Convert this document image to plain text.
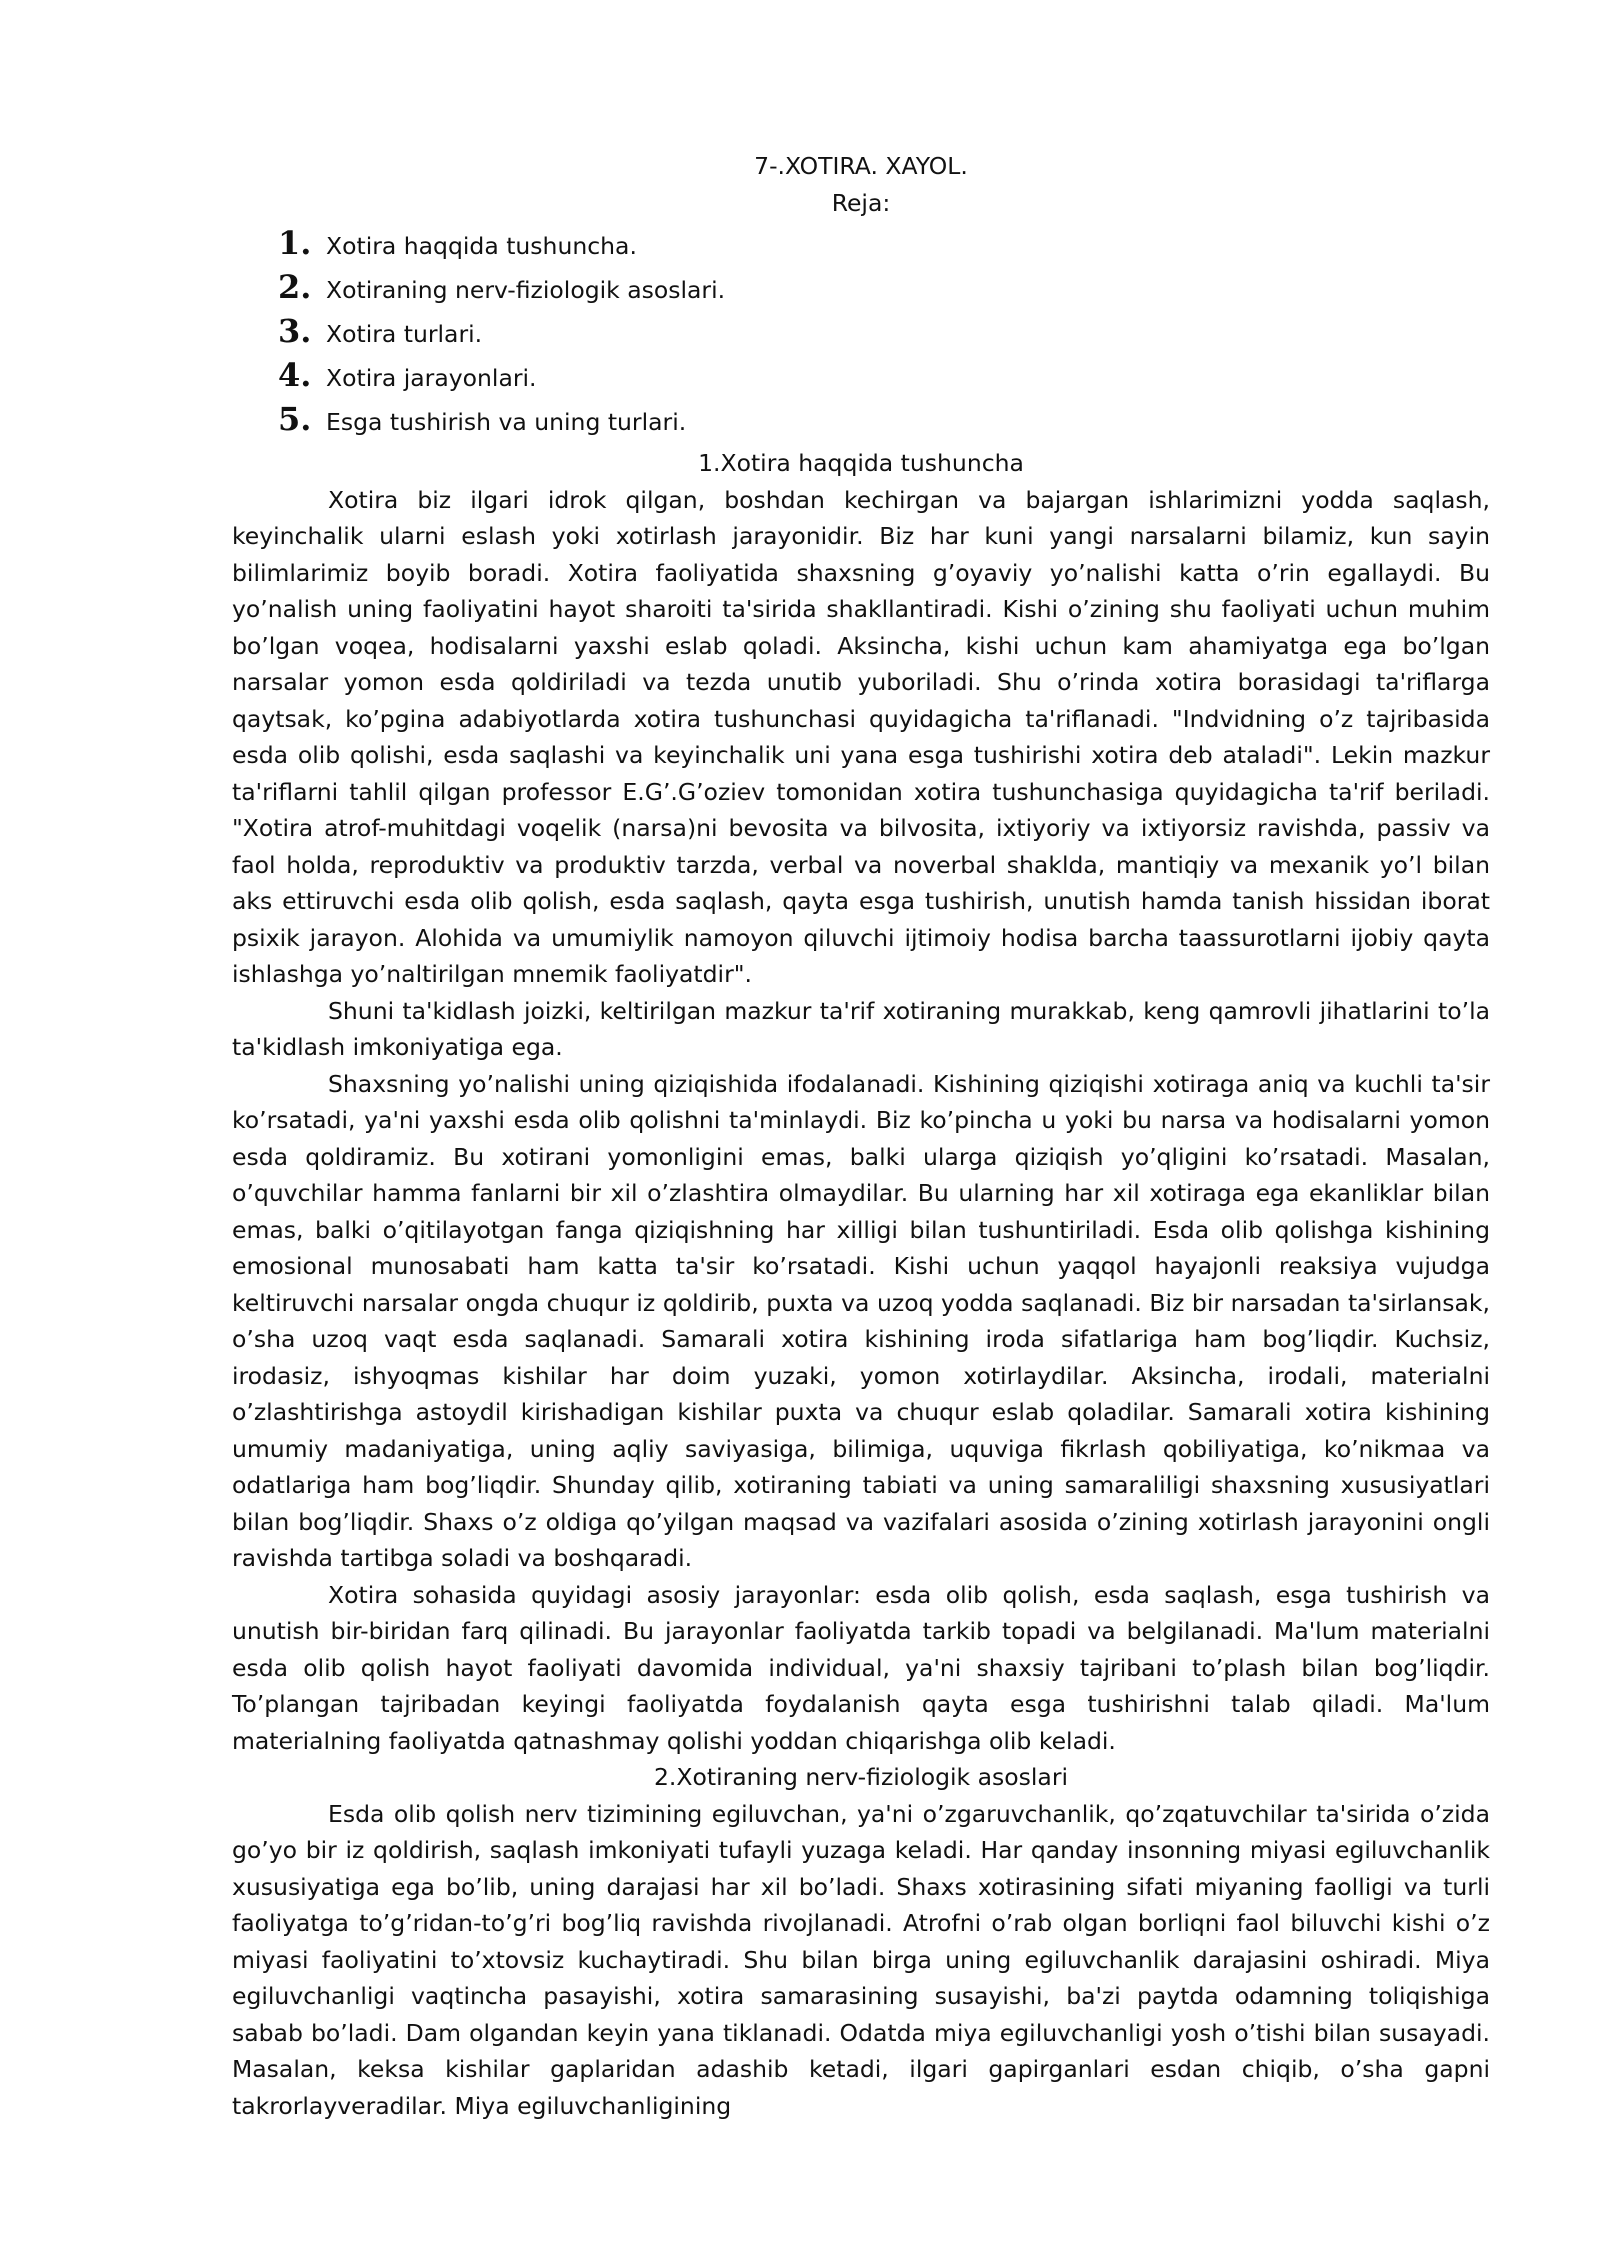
7-.XOTIRA. XAYOL.
Reja:
1. Xotira haqqida tushuncha.
2. Xotiraning nerv-fiziologik asoslari.
3. Xotira turlari.
4. Xotira jarayonlari.
5. Esga tushirish va uning turlari.
1.Xotira haqqida tushuncha

Xotira biz ilgari idrok qilgan, boshdan kechirgan va bajargan ishlarimizni yodda saqlash, keyinchalik ularni eslash yoki xotirlash jarayonidir. Biz har kuni yangi narsalarni bilamiz, kun sayin bilimlarimiz boyib boradi. Xotira faoliyatida shaxsning g’oyaviy yo’nalishi katta o’rin egallaydi. Bu yo’nalish uning faoliyatini hayot sharoiti ta'sirida shakllantiradi. Kishi o’zining shu faoliyati uchun muhim bo’lgan voqea, hodisalarni yaxshi eslab qoladi. Aksincha, kishi uchun kam ahamiyatga ega bo’lgan narsalar yomon esda qoldiriladi va tezda unutib yuboriladi. Shu o’rinda xotira borasidagi ta'riflarga qaytsak, ko’pgina adabiyotlarda xotira tushunchasi quyidagicha ta'riflanadi. "Indvidning o’z tajribasida esda olib qolishi, esda saqlashi va keyinchalik uni yana esga tushirishi xotira deb ataladi". Lekin mazkur ta'riflarni tahlil qilgan professor E.G’.G’oziev tomonidan xotira tushunchasiga quyidagicha ta'rif beriladi. "Xotira atrof-muhitdagi voqelik (narsa)ni bevosita va bilvosita, ixtiyoriy va ixtiyorsiz ravishda, passiv va faol holda, reproduktiv va produktiv tarzda, verbal va noverbal shaklda, mantiqiy va mexanik yo’l bilan aks ettiruvchi esda olib qolish, esda saqlash, qayta esga tushirish, unutish hamda tanish hissidan iborat psixik jarayon. Alohida va umumiylik namoyon qiluvchi ijtimoiy hodisa barcha taassurotlarni ijobiy qayta ishlashga yo’naltirilgan mnemik faoliyatdir".

Shuni ta'kidlash joizki, keltirilgan mazkur ta'rif xotiraning murakkab, keng qamrovli jihatlarini to’la ta'kidlash imkoniyatiga ega.

Shaxsning yo’nalishi uning qiziqishida ifodalanadi. Kishining qiziqishi xotiraga aniq va kuchli ta'sir ko’rsatadi, ya'ni yaxshi esda olib qolishni ta'minlaydi. Biz ko’pincha u yoki bu narsa va hodisalarni yomon esda qoldiramiz. Bu xotirani yomonligini emas, balki ularga qiziqish yo’qligini ko’rsatadi. Masalan, o’quvchilar hamma fanlarni bir xil o’zlashtira olmaydilar. Bu ularning har xil xotiraga ega ekanliklar bilan emas, balki o’qitilayotgan fanga qiziqishning har xilligi bilan tushuntiriladi. Esda olib qolishga kishining emosional munosabati ham katta ta'sir ko’rsatadi. Kishi uchun yaqqol hayajonli reaksiya vujudga keltiruvchi narsalar ongda chuqur iz qoldirib, puxta va uzoq yodda saqlanadi. Biz bir narsadan ta'sirlansak, o’sha uzoq vaqt esda saqlanadi. Samarali xotira kishining iroda sifatlariga ham bog’liqdir. Kuchsiz, irodasiz, ishyoqmas kishilar har doim yuzaki, yomon xotirlaydilar. Aksincha, irodali, materialni o’zlashtirishga astoydil kirishadigan kishilar puxta va chuqur eslab qoladilar. Samarali xotira kishining umumiy madaniyatiga, uning aqliy saviyasiga, bilimiga, uquviga fikrlash qobiliyatiga, ko’nikmaa va odatlariga ham bog’liqdir. Shunday qilib, xotiraning tabiati va uning samaraliligi shaxsning xususiyatlari bilan bog’liqdir. Shaxs o’z oldiga qo’yilgan maqsad va vazifalari asosida o’zining xotirlash jarayonini ongli ravishda tartibga soladi va boshqaradi.

Xotira sohasida quyidagi asosiy jarayonlar: esda olib qolish, esda saqlash, esga tushirish va unutish bir-biridan farq qilinadi. Bu jarayonlar faoliyatda tarkib topadi va belgilanadi. Ma'lum materialni esda olib qolish hayot faoliyati davomida individual, ya'ni shaxsiy tajribani to’plash bilan bog’liqdir. To’plangan tajribadan keyingi faoliyatda foydalanish qayta esga tushirishni talab qiladi. Ma'lum materialning faoliyatda qatnashmay qolishi yoddan chiqarishga olib keladi.

2.Xotiraning nerv-fiziologik asoslari

Esda olib qolish nerv tizimining egiluvchan, ya'ni o’zgaruvchanlik, qo’zqatuvchilar ta'sirida o’zida go’yo bir iz qoldirish, saqlash imkoniyati tufayli yuzaga keladi. Har qanday insonning miyasi egiluvchanlik xususiyatiga ega bo’lib, uning darajasi har xil bo’ladi. Shaxs xotirasining sifati miyaning faolligi va turli faoliyatga to’g’ridan-to’g’ri bog’liq ravishda rivojlanadi. Atrofni o’rab olgan borliqni faol biluvchi kishi o’z miyasi faoliyatini to’xtovsiz kuchaytiradi. Shu bilan birga uning egiluvchanlik darajasini oshiradi. Miya egiluvchanligi vaqtincha pasayishi, xotira samarasining susayishi, ba'zi paytda odamning toliqishiga sabab bo’ladi. Dam olgandan keyin yana tiklanadi. Odatda miya egiluvchanligi yosh o’tishi bilan susayadi. Masalan, keksa kishilar gaplaridan adashib ketadi, ilgari gapirganlari esdan chiqib, o’sha gapni takrorlayveradilar. Miya egiluvchanligining
